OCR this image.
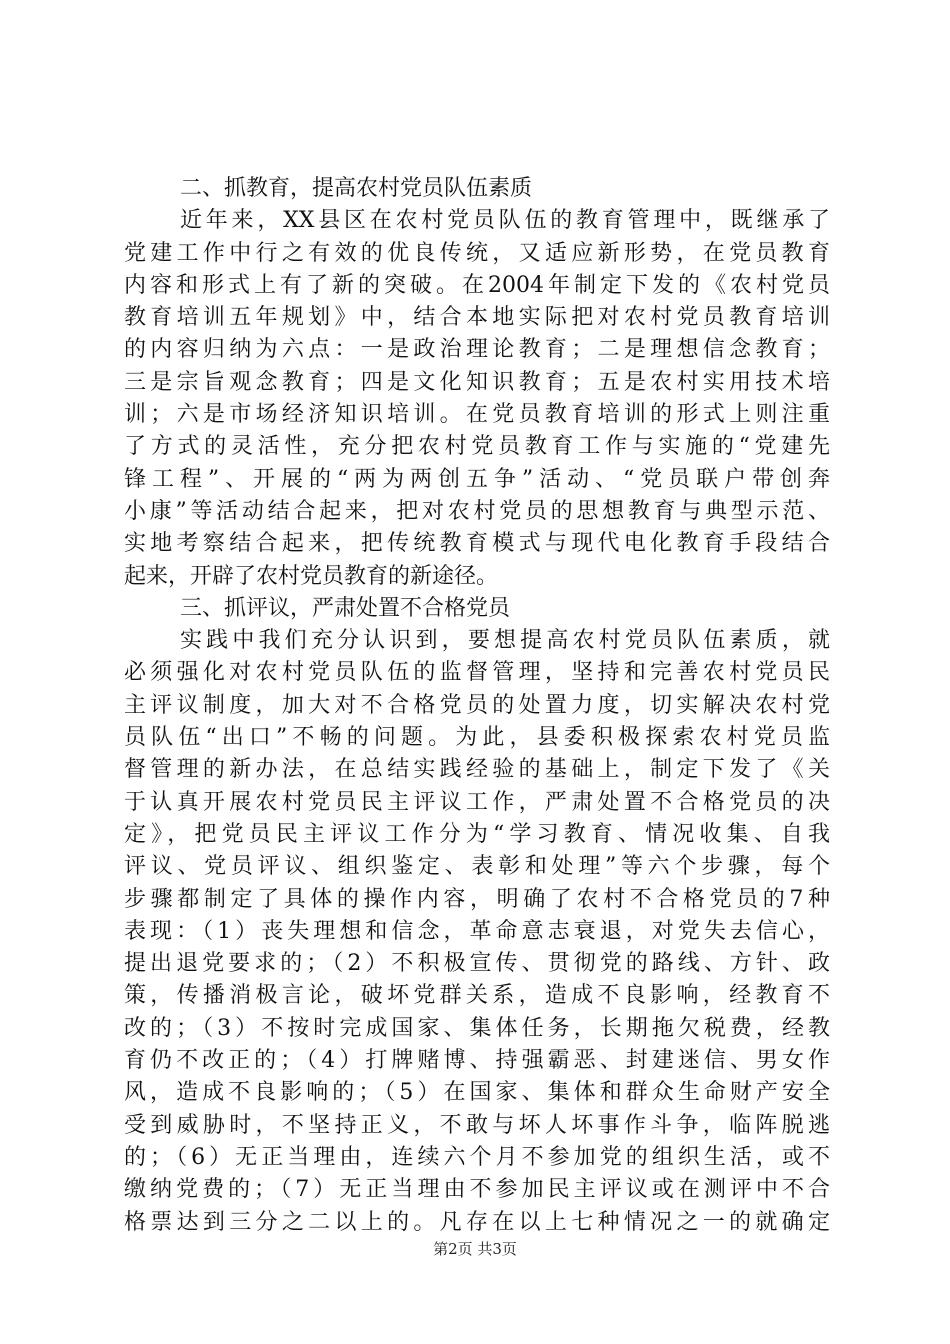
二、抓教育，提高农村党员队伍素质
近年来，XX县区在农村党员队伍的教育管理中，既继承了
党建工作中行之有效的优良传统，又适应新形势，在党员教育
内容和形式上有了新的突破。在2004年制定下发的《农村党员
教育培训五年规划》中，结合本地实际把对农村党员教育培训
的内容归纳为六点：一是政治理论教育；二是理想信念教育；
三是宗旨观念教育；四是文化知识教育；五是农村实用技术培
训；六是市场经济知识培训。在党员教育培训的形式上则注重
了方式的灵活性，充分把农村党员教育工作与实施的“党建先
锋工程”、开展的“两为两创五争”活动、“党员联户带创奔
小康”等活动结合起来，把对农村党员的思想教育与典型示范、
实地考察结合起来，把传统教育模式与现代电化教育手段结合
起来，开辟了农村党员教育的新途径。
三、抓评议，严肃处置不合格党员
实践中我们充分认识到，要想提高农村党员队伍素质，就
必须强化对农村党员队伍的监督管理，坚持和完善农村党员民
主评议制度，加大对不合格党员的处置力度，切实解决农村党
员队伍“出口”不畅的问题。为此，县委积极探索农村党员监
督管理的新办法，在总结实践经验的基础上，制定下发了《关
于认真开展农村党员民主评议工作，严肃处置不合格党员的决
定》，把党员民主评议工作分为“学习教育、情况收集、自我
评议、党员评议、组织鉴定、表彰和处理”等六个步骤，每个
步骤都制定了具体的操作内容，明确了农村不合格党员的7种
表现：（1）丧失理想和信念，革命意志衰退，对党失去信心，
提出退党要求的；（2）不积极宣传、贯彻党的路线、方针、政
策，传播消极言论，破坏党群关系，造成不良影响，经教育不
改的；（3）不按时完成国家、集体任务，长期拖欠税费，经教
育仍不改正的；（4）打牌赌博、持强霸恶、封建迷信、男女作
风，造成不良影响的；（5）在国家、集体和群众生命财产安全
受到威胁时，不坚持正义，不敢与坏人坏事作斗争，临阵脱逃
的；（6）无正当理由，连续六个月不参加党的组织生活，或不
缴纳党费的；（7）无正当理由不参加民主评议或在测评中不合
格票达到三分之二以上的。凡存在以上七种情况之一的就确定
第2页 共3页
